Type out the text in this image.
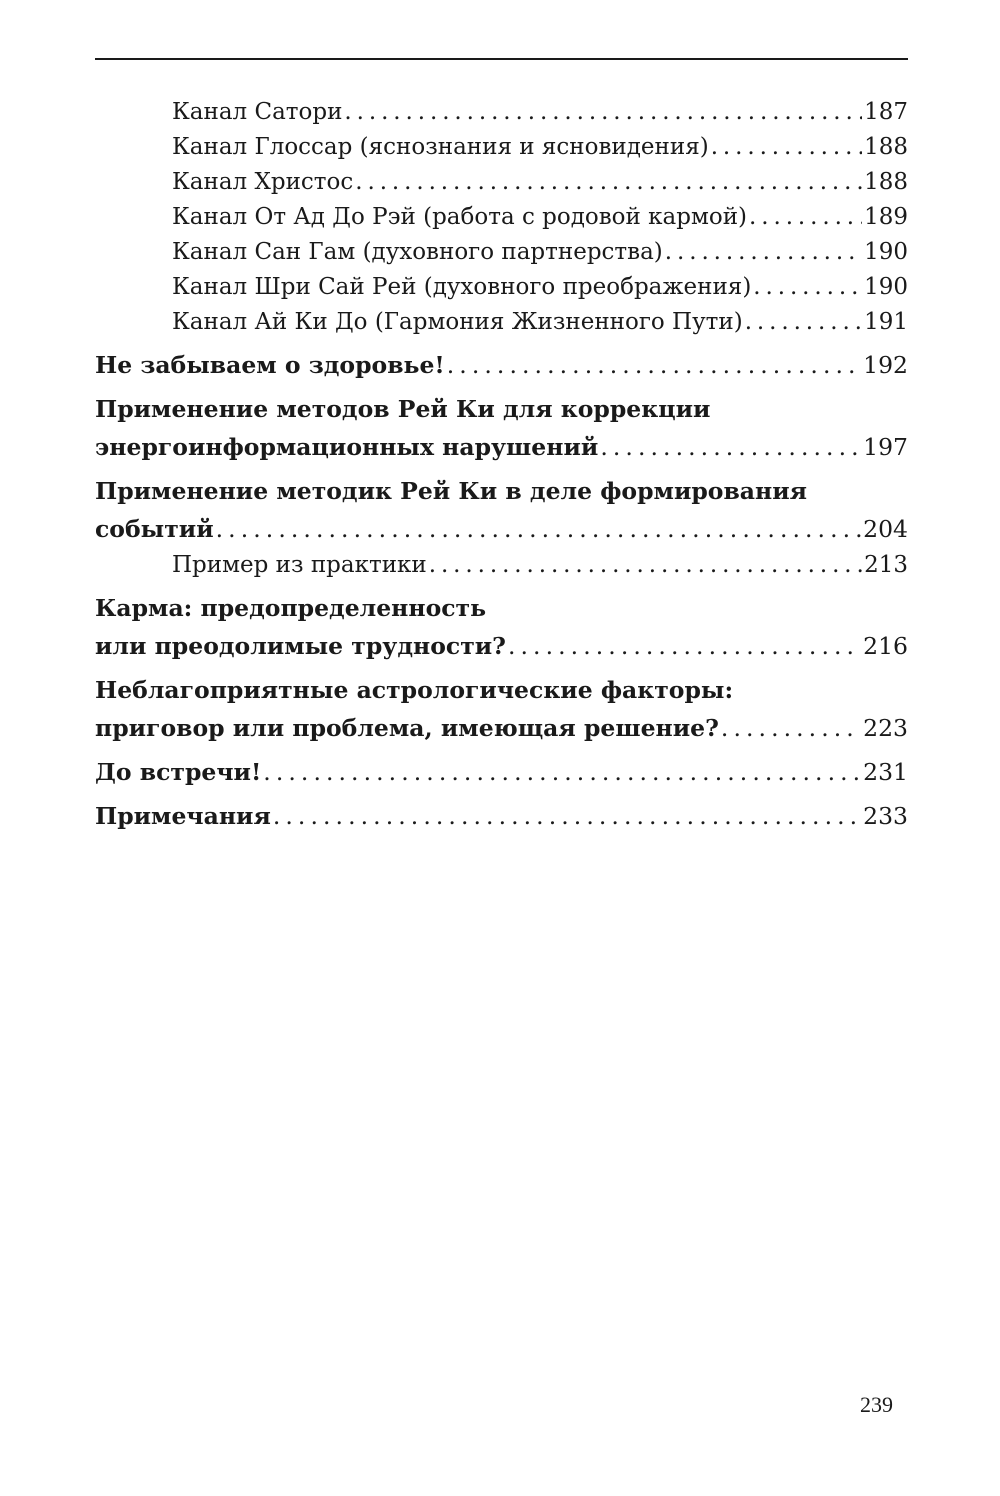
Канал Сатори . . .	187
Канал Глоссар (яснознания и ясновидения) . . .	188
Канал Христос . . .	188
Канал От Ад До Рэй (работа с родовой кармой) . . .	189
Канал Сан Гам (духовного партнерства) . . .	190
Канал Шри Сай Рей (духовного преображения) . . .	190
Канал Ай Ки До (Гармония Жизненного Пути) . . .	191
Не забываем о здоровье! . . .	192
Применение методов Рей Ки для коррекции
энергоинформационных нарушений . . .	197
Применение методик Рей Ки в деле формирования
событий . . .	204
Пример из практики . . .	213
Карма: предопределенность
или преодолимые трудности? . . .	216
Неблагоприятные астрологические факторы:
приговор или проблема, имеющая решение? . . .	223
До встречи! . . .	231
Примечания . . .	233
239
